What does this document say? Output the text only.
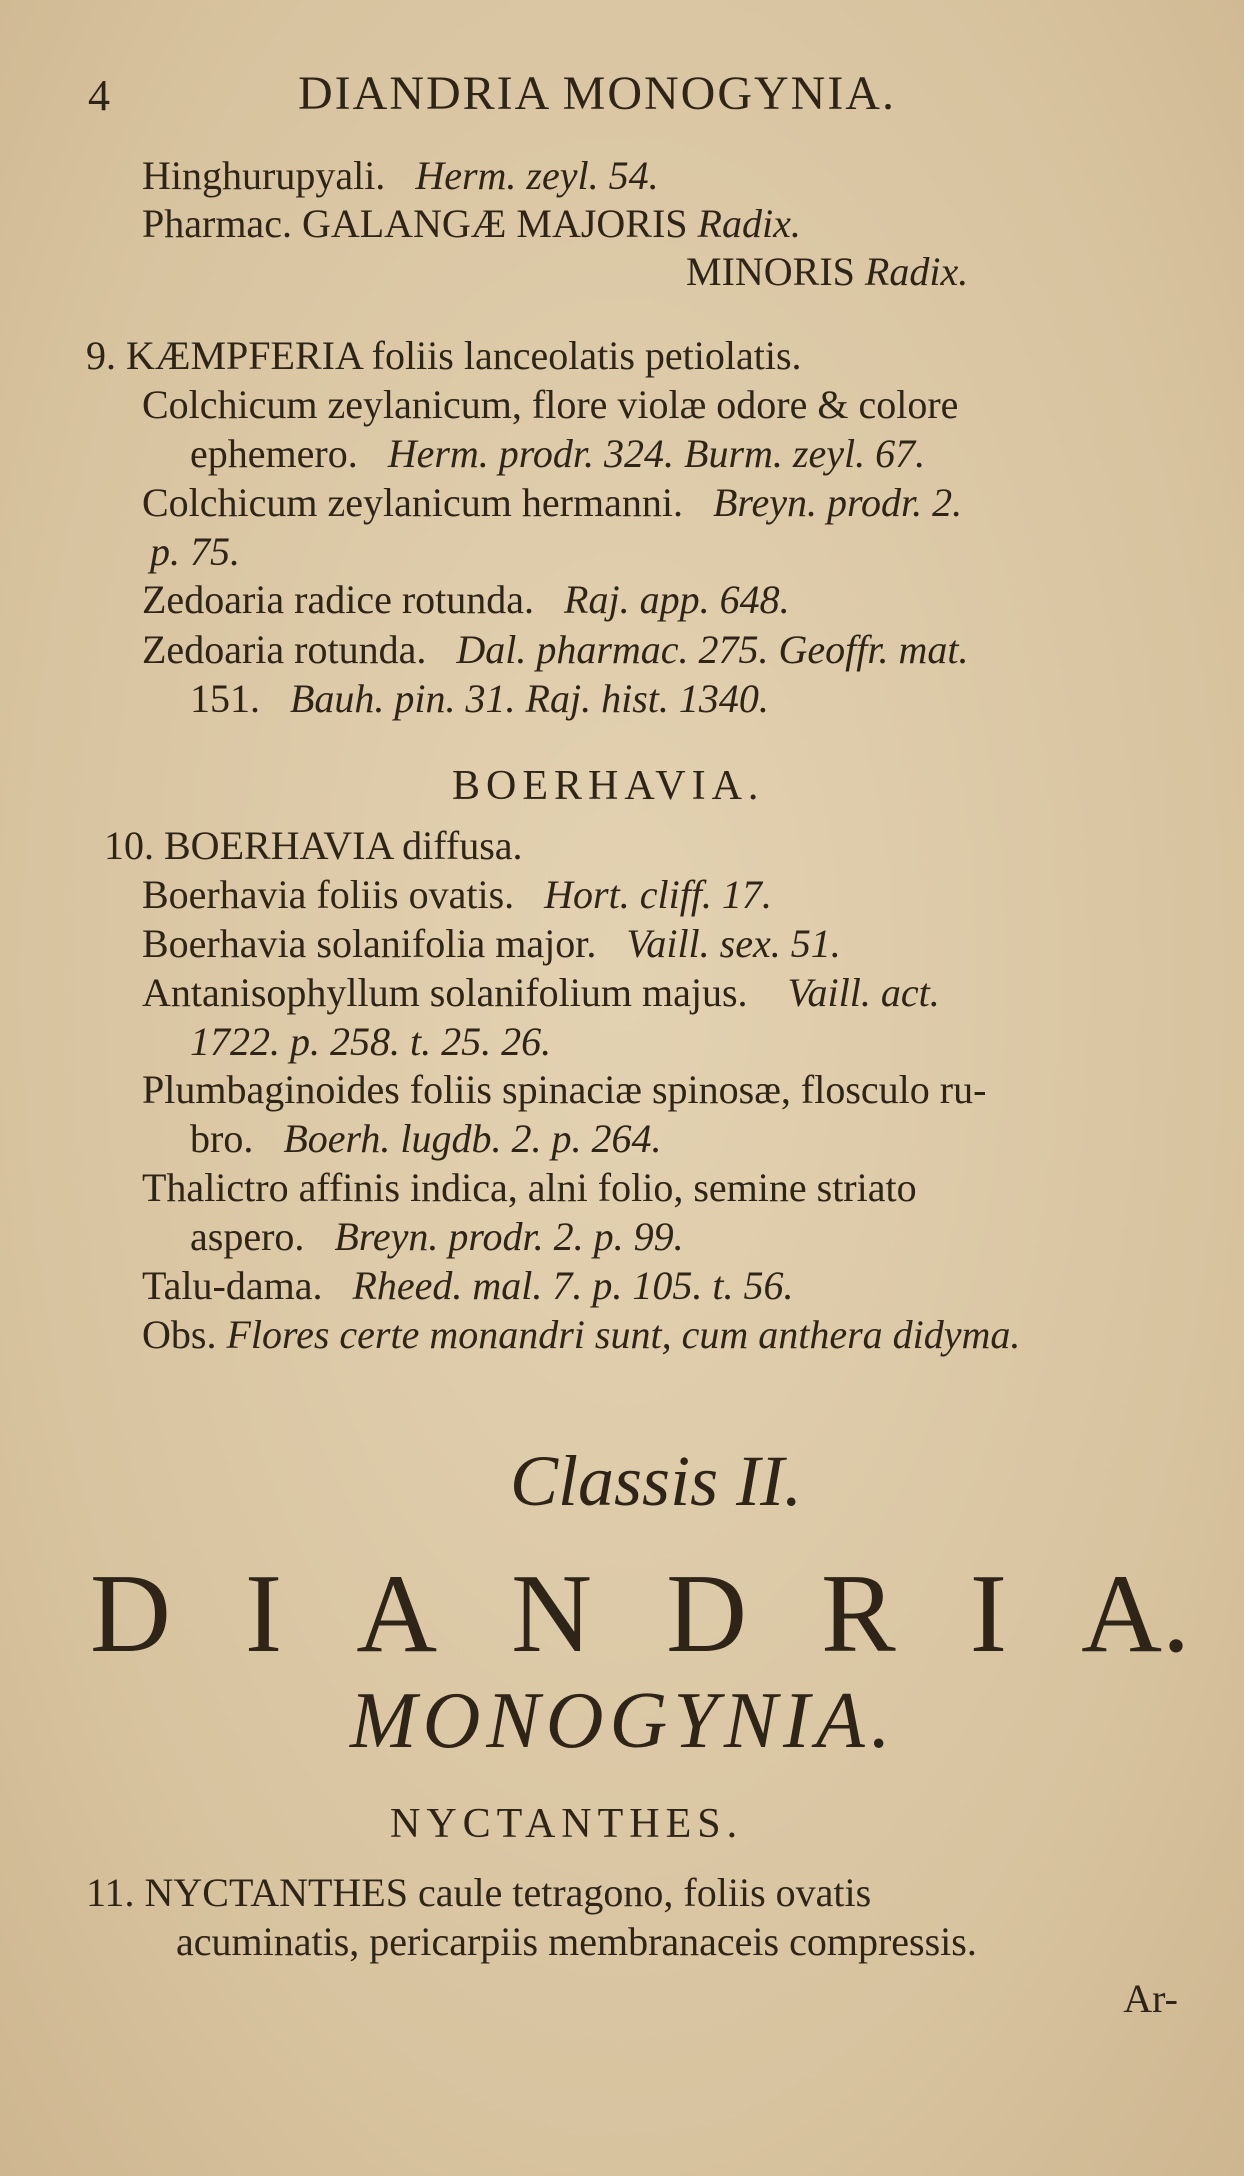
4	DIANDRIA MONOGYNIA.
Hinghurupyali. Herm. zeyl. 54.
Pharmac. GALANGÆ MAJORIS Radix.
MINORIS Radix.
9. KÆMPFERIA foliis lanceolatis petiolatis.
Colchicum zeylanicum, flore violæ odore & colore
ephemero. Herm. prodr. 324. Burm. zeyl. 67.
Colchicum zeylanicum hermanni. Breyn. prodr. 2.
p. 75.
Zedoaria radice rotunda. Raj. app. 648.
Zedoaria rotunda. Dal. pharmac. 275. Geoffr. mat.
151. Bauh. pin. 31. Raj. hist. 1340.
BOERHAVIA.
10. BOERHAVIA diffusa.
Boerhavia foliis ovatis. Hort. cliff. 17.
Boerhavia solanifolia major. Vaill. sex. 51.
Antanisophyllum solanifolium majus. Vaill. act.
1722. p. 258. t. 25. 26.
Plumbaginoides foliis spinaciæ spinosæ, flosculo ru-
bro. Boerh. lugdb. 2. p. 264.
Thalictro affinis indica, alni folio, semine striato
aspero. Breyn. prodr. 2. p. 99.
Talu-dama. Rheed. mal. 7. p. 105. t. 56.
Obs. Flores certe monandri sunt, cum anthera didyma.
Classis II.
D I A N D R I A.
MONOGYNIA.
NYCTANTHES.
11. NYCTANTHES caule tetragono, foliis ovatis
acuminatis, pericarpiis membranaceis compressis.
Ar-
